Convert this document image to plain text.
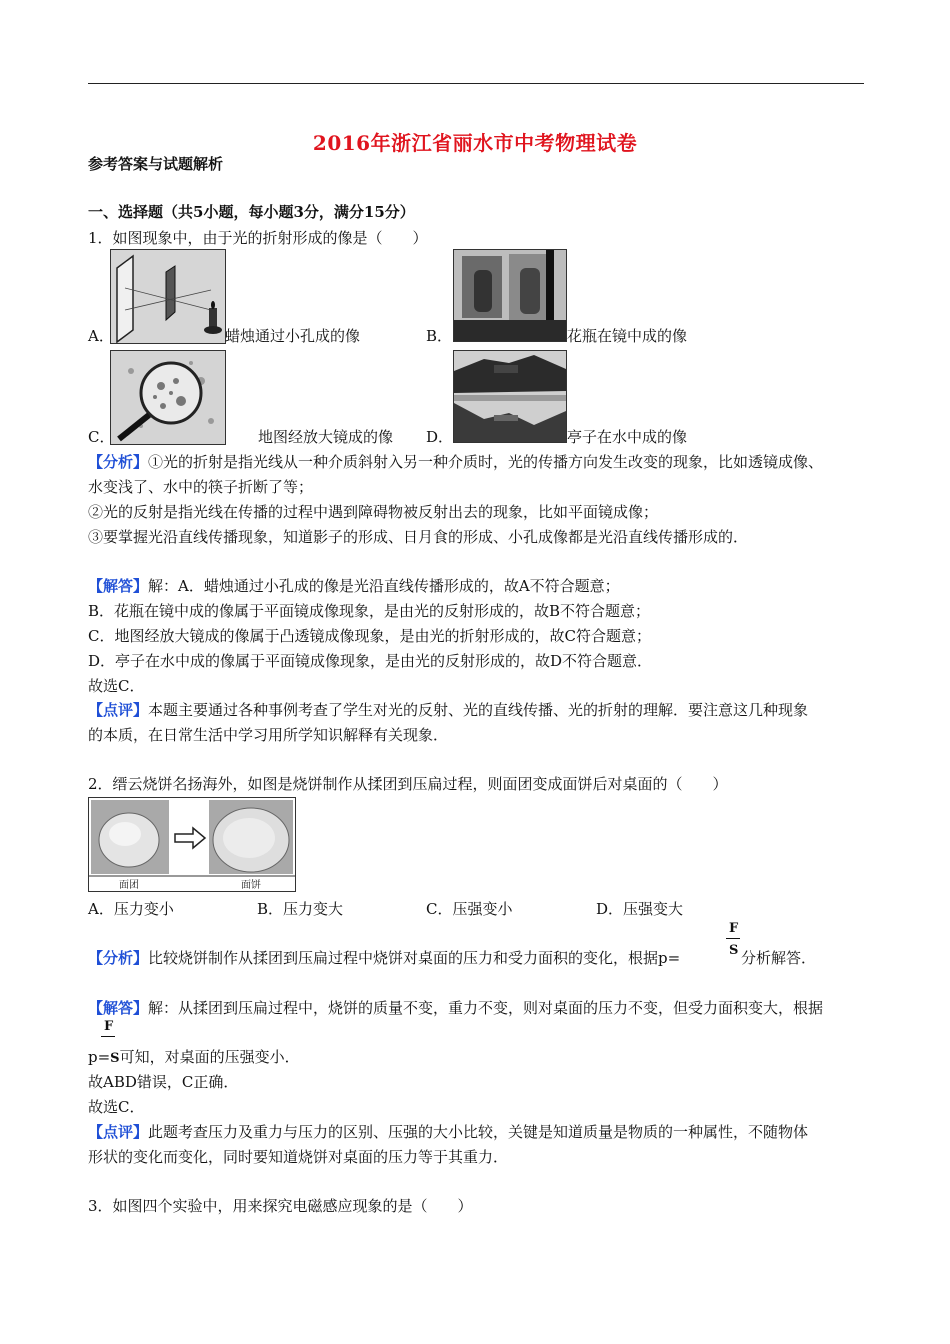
2016年浙江省丽水市中考物理试卷
参考答案与试题解析
一、选择题（共5小题，每小题3分，满分15分）
1．如图现象中，由于光的折射形成的像是（　　）
A．	蜡烛通过小孔成的像	B．	花瓶在镜中成的像
C．	地图经放大镜成的像 D．	亭子在水中成的像
【分析】①光的折射是指光线从一种介质斜射入另一种介质时，光的传播方向发生改变的现象，比如透镜成像、
水变浅了、水中的筷子折断了等；
②光的反射是指光线在传播的过程中遇到障碍物被反射出去的现象，比如平面镜成像；
③要掌握光沿直线传播现象，知道影子的形成、日月食的形成、小孔成像都是光沿直线传播形成的．
【解答】解：A．蜡烛通过小孔成的像是光沿直线传播形成的，故A不符合题意；
B．花瓶在镜中成的像属于平面镜成像现象，是由光的反射形成的，故B不符合题意；
C．地图经放大镜成的像属于凸透镜成像现象，是由光的折射形成的，故C符合题意；
D．亭子在水中成的像属于平面镜成像现象，是由光的反射形成的，故D不符合题意．
故选C．
【点评】本题主要通过各种事例考查了学生对光的反射、光的直线传播、光的折射的理解．要注意这几种现象
的本质，在日常生活中学习用所学知识解释有关现象．
2．缙云烧饼名扬海外，如图是烧饼制作从揉团到压扁过程，则面团变成面饼后对桌面的（　　）
面团	面饼
A．压力变小	B．压力变大	C．压强变小	D．压强变大
【分析】比较烧饼制作从揉团到压扁过程中烧饼对桌面的压力和受力面积的变化，根据p=
F
S 分析解答．
【解答】解：从揉团到压扁过程中，烧饼的质量不变，重力不变，则对桌面的压力不变，但受力面积变大，根据
F
p=S可知，对桌面的压强变小．
故ABD错误，C正确．
故选C．
【点评】此题考查压力及重力与压力的区别、压强的大小比较，关键是知道质量是物质的一种属性，不随物体
形状的变化而变化，同时要知道烧饼对桌面的压力等于其重力．
3．如图四个实验中，用来探究电磁感应现象的是（　　）
